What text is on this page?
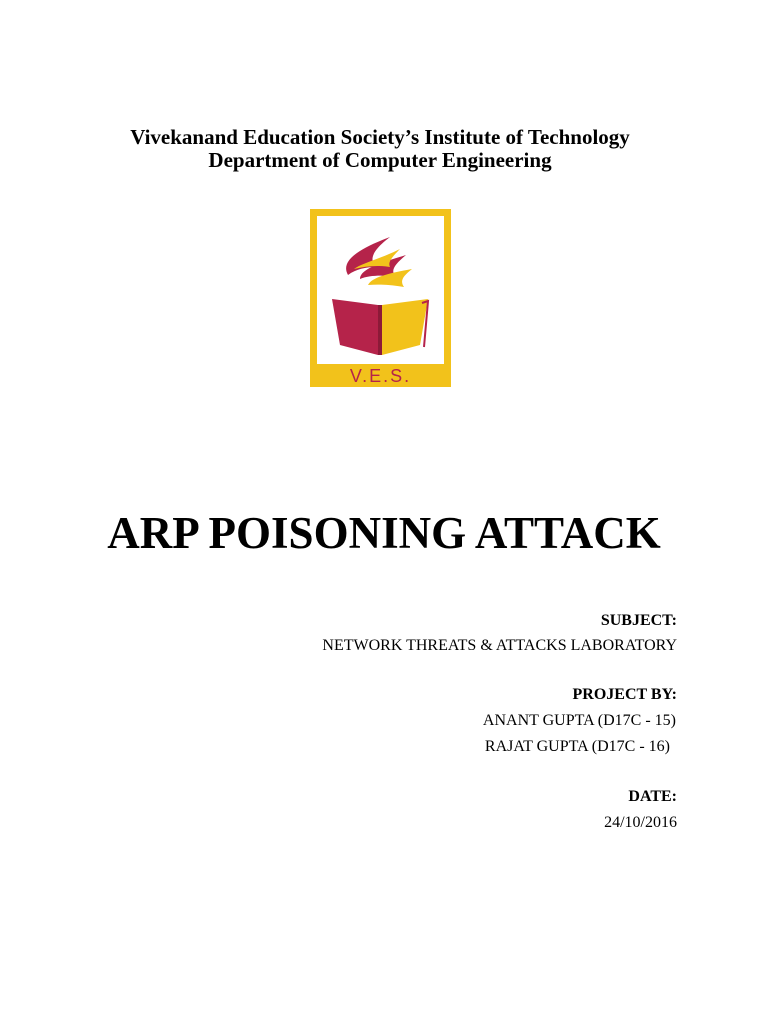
Vivekanand Education Society’s Institute of Technology
Department of Computer Engineering
V.E.S.
ARP POISONING ATTACK
SUBJECT:
NETWORK THREATS & ATTACKS LABORATORY
PROJECT BY:
ANANT GUPTA (D17C - 15)
RAJAT GUPTA (D17C - 16)
DATE:
24/10/2016
